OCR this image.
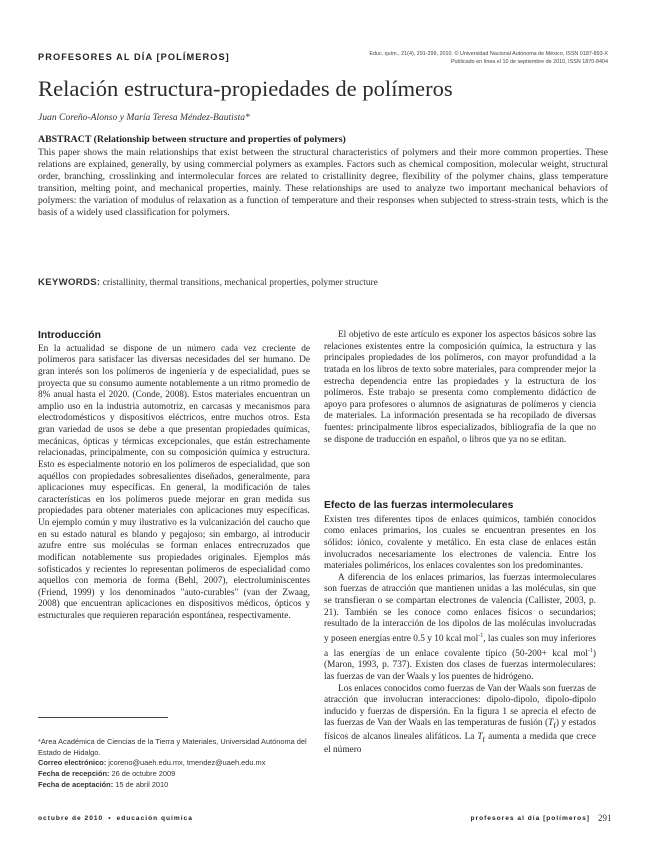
PROFESORES AL DÍA [POLÍMEROS]	Educ. quím., 21(4), 291-299, 2010. © Universidad Nacional Autónoma de México, ISSN 0187-893-X
Publicado en línea el 10 de septiembre de 2010, ISSN 1870-8404
Relación estructura-propiedades de polímeros
Juan Coreño-Alonso y María Teresa Méndez-Bautista*
ABSTRACT (Relationship between structure and properties of polymers)
This paper shows the main relationships that exist between the structural characteristics of polymers and their more common properties. These relations are explained, generally, by using commercial polymers as examples. Factors such as chemical composition, molecular weight, structural order, branching, crosslinking and intermolecular forces are related to cristallinity degree, flexibility of the polymer chains, glass temperature transition, melting point, and mechanical properties, mainly. These relationships are used to analyze two important mechanical behaviors of polymers: the variation of modulus of relaxation as a function of temperature and their responses when subjected to stress-strain tests, which is the basis of a widely used classification for polymers.
KEYWORDS: cristallinity, thermal transitions, mechanical properties, polymer structure
Introducción

En la actualidad se dispone de un número cada vez creciente de polímeros para satisfacer las diversas necesidades del ser humano. De gran interés son los polímeros de ingeniería y de especialidad, pues se proyecta que su consumo aumente notablemente a un ritmo promedio de 8% anual hasta el 2020. (Conde, 2008). Estos materiales encuentran un amplio uso en la industria automotriz, en carcasas y mecanismos para electrodomésticos y dispositivos eléctricos, entre muchos otros. Esta gran variedad de usos se debe a que presentan propiedades químicas, mecánicas, ópticas y térmicas excepcionales, que están estrechamente relacionadas, principalmente, con su composición química y estructura. Esto es especialmente notorio en los polímeros de especialidad, que son aquéllos con propiedades sobresalientes diseñados, generalmente, para aplicaciones muy específicas. En general, la modificación de tales características en los polímeros puede mejorar en gran medida sus propiedades para obtener materiales con aplicaciones muy específicas. Un ejemplo común y muy ilustrativo es la vulcanización del caucho que en su estado natural es blando y pegajoso; sin embargo, al introducir azufre entre sus moléculas se forman enlaces entrecruzados que modifican notablemente sus propiedades originales. Ejemplos más sofisticados y recientes lo representan polímeros de especialidad como aquellos con memoria de forma (Behl, 2007), electroluminiscentes (Friend, 1999) y los denominados "auto-curables" (van der Zwaag, 2008) que encuentran aplicaciones en dispositivos médicos, ópticos y estructurales que requieren reparación espontánea, respectivamente.

El objetivo de este artículo es exponer los aspectos básicos sobre las relaciones existentes entre la composición química, la estructura y las principales propiedades de los polímeros, con mayor profundidad a la tratada en los libros de texto sobre materiales, para comprender mejor la estrecha dependencia entre las propiedades y la estructura de los polímeros. Este trabajo se presenta como complemento didáctico de apoyo para profesores o alumnos de asignaturas de polímeros y ciencia de materiales. La información presentada se ha recopilado de diversas fuentes: principalmente libros especializados, bibliografía de la que no se dispone de traducción en español, o libros que ya no se editan.

Efecto de las fuerzas intermoleculares

Existen tres diferentes tipos de enlaces químicos, también conocidos como enlaces primarios, los cuales se encuentran presentes en los sólidos: iónico, covalente y metálico. En esta clase de enlaces están involucrados necesariamente los electrones de valencia. Entre los materiales poliméricos, los enlaces covalentes son los predominantes.

A diferencia de los enlaces primarios, las fuerzas intermoleculares son fuerzas de atracción que mantienen unidas a las moléculas, sin que se transfieran o se compartan electrones de valencia (Callister, 2003, p. 21). También se les conoce como enlaces físicos o secundarios; resultado de la interacción de los dipolos de las moléculas involucradas y poseen energías entre 0.5 y 10 kcal mol$^{-1}$, las cuales son muy inferiores a las energías de un enlace covalente típico (50-200+ kcal mol$^{-1}$) (Maron, 1993, p. 737). Existen dos clases de fuerzas intermoleculares: las fuerzas de van der Waals y los puentes de hidrógeno.

Los enlaces conocidos como fuerzas de Van der Waals son fuerzas de atracción que involucran interacciones: dipolo-dipolo, dipolo-dipolo inducido y fuerzas de dispersión. En la figura 1 se aprecia el efecto de las fuerzas de Van der Waals en las temperaturas de fusión $(T_f)$ y estados físicos de alcanos lineales alifáticos. La $T_f$ aumenta a medida que crece el número

*Area Académica de Ciencias de la Tierra y Materiales, Universidad Autónoma del Estado de Hidalgo.
Correo electrónico: jcoreno@uaeh.edu.mx, tmendez@uaeh.edu.mx
Fecha de recepción: 26 de octubre 2009
Fecha de aceptación: 15 de abril 2010
octubre de 2010 • educación química	profesores al día [polímeros] 291
